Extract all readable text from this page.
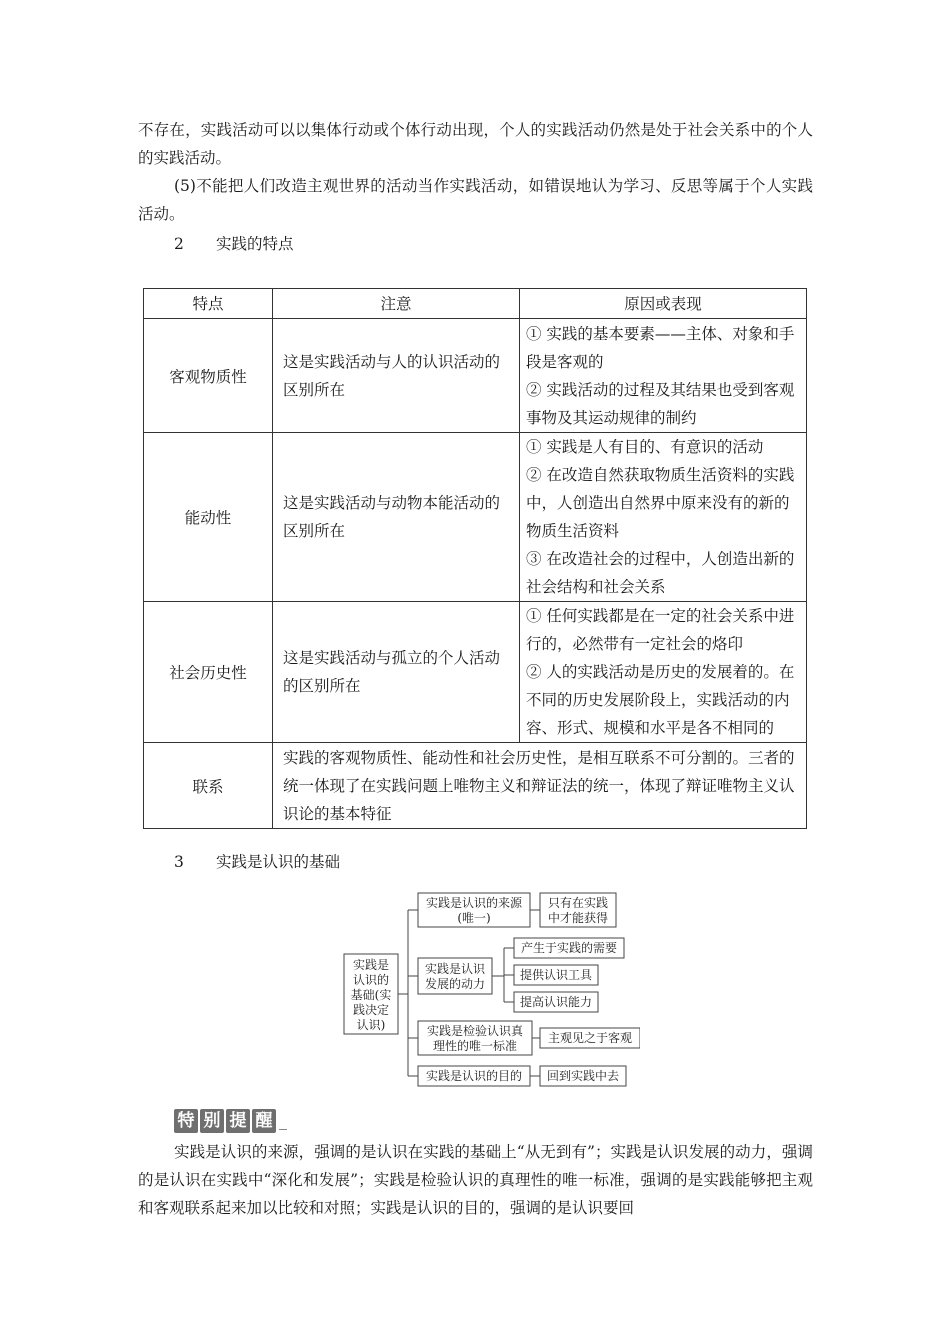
不存在，实践活动可以以集体行动或个体行动出现，个人的实践活动仍然是处于社会关系中的个人的实践活动。

(5)不能把人们改造主观世界的活动当作实践活动，如错误地认为学习、反思等属于个人实践活动。

2 实践的特点

特点	注意	原因或表现
客观物质性	这是实践活动与人的认识活动的区别所在	① 实践的基本要素——主体、对象和手段是客观的
② 实践活动的过程及其结果也受到客观事物及其运动规律的制约

能动性	这是实践活动与动物本能活动的区别所在	① 实践是人有目的、有意识的活动
② 在改造自然获取物质生活资料的实践中，人创造出自然界中原来没有的新的物质生活资料
③ 在改造社会的过程中，人创造出新的社会结构和社会关系

社会历史性	这是实践活动与孤立的个人活动的区别所在	① 任何实践都是在一定的社会关系中进行的，必然带有一定社会的烙印
② 人的实践活动是历史的发展着的。在不同的历史发展阶段上，实践活动的内容、形式、规模和水平是各不相同的

联系	实践的客观物质性、能动性和社会历史性，是相互联系不可分割的。三者的统一体现了在实践问题上唯物主义和辩证法的统一，体现了辩证唯物主义认识论的基本特征	

3 实践是认识的基础

实践是
认识的
基础(实
践决定
认识)
实践是认识的来源
(唯一)
只有在实践
中才能获得
实践是认识
发展的动力
产生于实践的需要
提供认识工具
提高认识能力
实践是检验认识真
理性的唯一标准
主观见之于客观
实践是认识的目的 回到实践中去
特 别 提 醒

实践是认识的来源，强调的是认识在实践的基础上“从无到有”；实践是认识发展的动力，强调的是认识在实践中“深化和发展”；实践是检验认识的真理性的唯一标准，强调的是实践能够把主观和客观联系起来加以比较和对照；实践是认识的目的，强调的是认识要回
